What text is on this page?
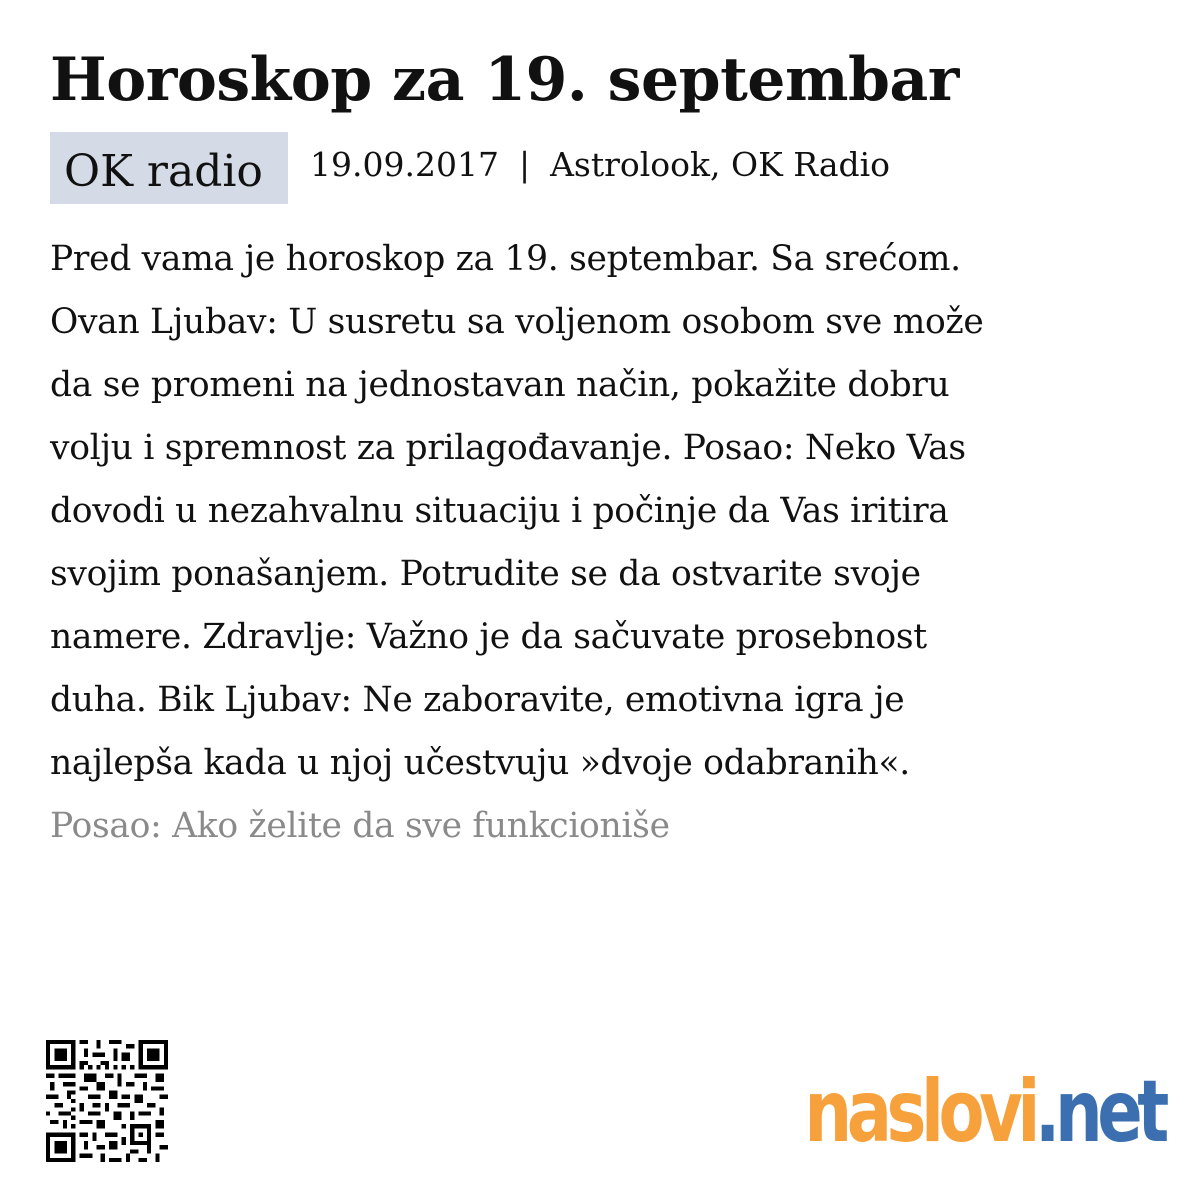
Horoskop za 19. septembar
OK radio	19.09.2017 | Astrolook, OK Radio
Pred vama je horoskop za 19. septembar. Sa srećom.
Ovan Ljubav: U susretu sa voljenom osobom sve može
da se promeni na jednostavan način, pokažite dobru
volju i spremnost za prilagođavanje. Posao: Neko Vas
dovodi u nezahvalnu situaciju i počinje da Vas iritira
svojim ponašanjem. Potrudite se da ostvarite svoje
namere. Zdravlje: Važno je da sačuvate prosebnost
duha. Bik Ljubav: Ne zaboravite, emotivna igra je
najlepša kada u njoj učestvuju »dvoje odabranih«.
Posao: Ako želite da sve funkcioniše
naslovi.net
